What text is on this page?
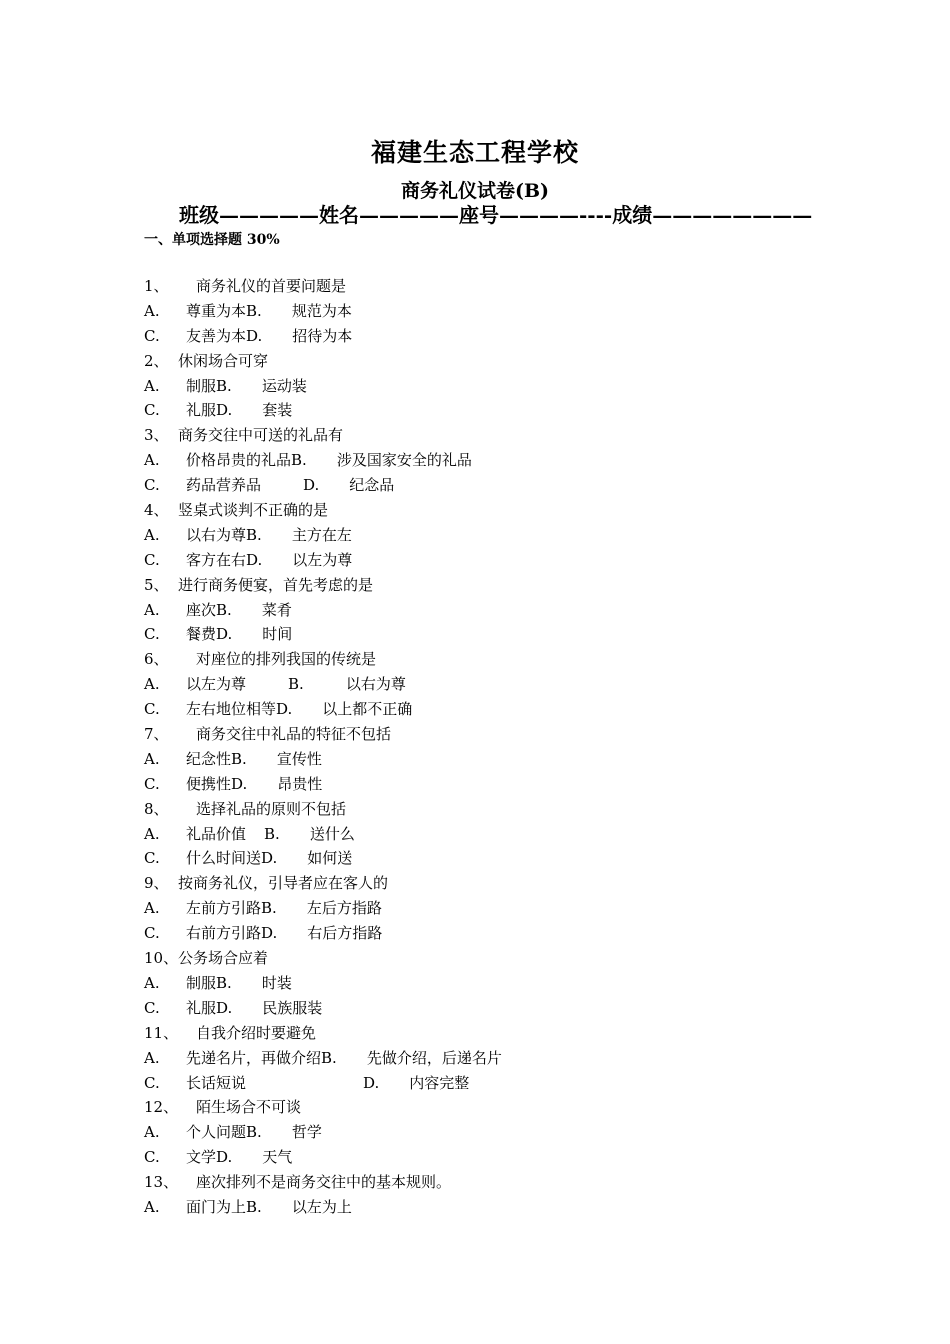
福建生态工程学校
商务礼仪试卷(B)
班级—————姓名—————座号————----成绩————————
一、单项选择题 30%
1、 商务礼仪的首要问题是
A. 尊重为本B. 规范为本
C. 友善为本D. 招待为本
2、 休闲场合可穿
A. 制服B. 运动装
C. 礼服D. 套装
3、 商务交往中可送的礼品有
A. 价格昂贵的礼品B. 涉及国家安全的礼品
C. 药品营养品	D. 纪念品
4、 竖桌式谈判不正确的是
A. 以右为尊B. 主方在左
C. 客方在右D. 以左为尊
5、 进行商务便宴，首先考虑的是
A. 座次B. 菜肴
C. 餐费D. 时间
6、 对座位的排列我国的传统是
A. 以左为尊	B.	以右为尊
C. 左右地位相等D. 以上都不正确
7、 商务交往中礼品的特征不包括
A. 纪念性B. 宣传性
C. 便携性D. 昂贵性
8、 选择礼品的原则不包括
A. 礼品价值 B. 送什么
C. 什么时间送D. 如何送
9、 按商务礼仪，引导者应在客人的
A. 左前方引路B. 左后方指路
C. 右前方引路D. 右后方指路
10、公务场合应着
A. 制服B. 时装
C. 礼服D. 民族服装
11、 自我介绍时要避免
A. 先递名片，再做介绍B. 先做介绍，后递名片
C. 长话短说	D. 内容完整
12、 陌生场合不可谈
A. 个人问题B. 哲学
C. 文学D. 天气
13、 座次排列不是商务交往中的基本规则。
A. 面门为上B. 以左为上
